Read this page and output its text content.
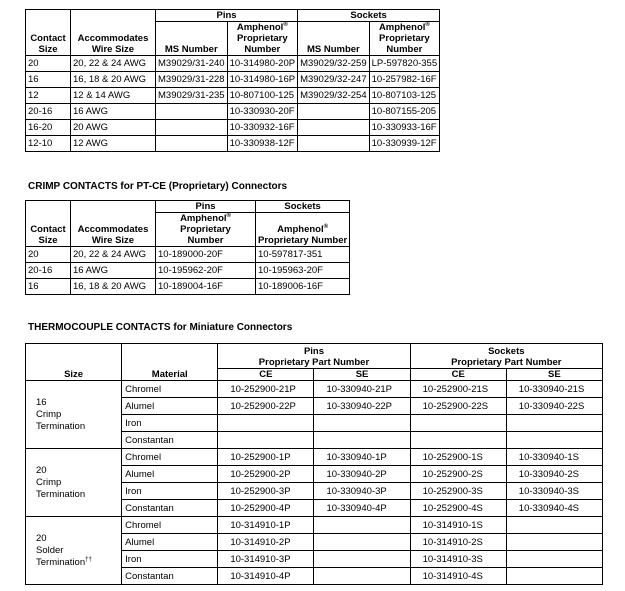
		Pins		Sockets	

Contact
Size	Accommodates
Wire Size	MS Number	Amphenol®
Proprietary
Number	MS Number	Amphenol®
Proprietary
Number

20	20, 22 & 24 AWG	M39029/31-240	10-314980-20P	M39029/32-259	LP-597820-355
16	16, 18 & 20 AWG	M39029/31-228	10-314980-16P	M39029/32-247	10-257982-16F
12	12 & 14 AWG	M39029/31-235	10-807100-125	M39029/32-254	10-807103-125
20-16	16 AWG		10-330930-20F		10-807155-205
16-20	20 AWG		10-330932-16F		10-330933-16F
12-10	12 AWG		10-330938-12F		10-330939-12F

CRIMP CONTACTS for PT-CE (Proprietary) Connectors

		Pins	Sockets

Contact
Size	Accommodates
Wire Size	Amphenol®
Proprietary
Number	Amphenol®
Proprietary Number

20	20, 22 & 24 AWG	10-189000-20F	10-597817-351
20-16	16 AWG	10-195962-20F	10-195963-20F
16	16, 18 & 20 AWG	10-189004-16F	10-189006-16F

THERMOCOUPLE CONTACTS for Miniature Connectors

Size	Material	Pins
Proprietary Part Number		Sockets
Proprietary Part Number	

		CE	SE	CE	SE
16
Crimp
Termination	Chromel	10-252900-21P	10-330940-21P	10-252900-21S	10-330940-21S
	Alumel	10-252900-22P	10-330940-22P	10-252900-22S	10-330940-22S
	Iron				
	Constantan				
20
Crimp
Termination	Chromel	10-252900-1P	10-330940-1P	10-252900-1S	10-330940-1S
	Alumel	10-252900-2P	10-330940-2P	10-252900-2S	10-330940-2S
	Iron	10-252900-3P	10-330940-3P	10-252900-3S	10-330940-3S
	Constantan	10-252900-4P	10-330940-4P	10-252900-4S	10-330940-4S
20
Solder
Termination††	Chromel	10-314910-1P		10-314910-1S	
	Alumel	10-314910-2P		10-314910-2S	
	Iron	10-314910-3P		10-314910-3S	
	Constantan	10-314910-4P		10-314910-4S	
